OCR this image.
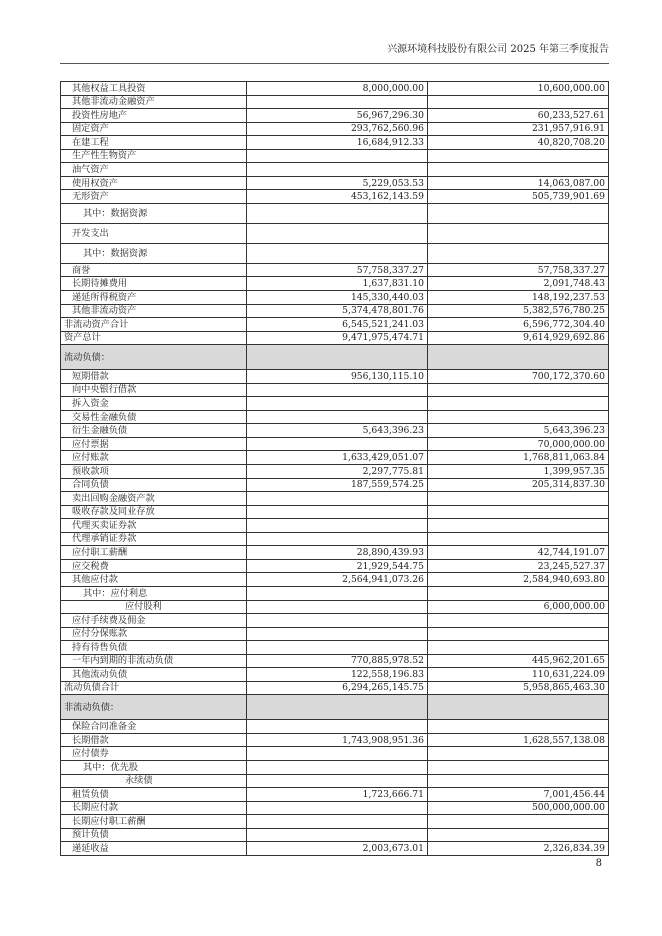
兴源环境科技股份有限公司 2025 年第三季度报告
其他权益工具投资	8,000,000.00	10,600,000.00
其他非流动金融资产		
投资性房地产	56,967,296.30	60,233,527.61
固定资产	293,762,560.96	231,957,916.91
在建工程	16,684,912.33	40,820,708.20
生产性生物资产		
油气资产		
使用权资产	5,229,053.53	14,063,087.00
无形资产	453,162,143.59	505,739,901.69
其中：数据资源		
开发支出		
其中：数据资源		
商誉	57,758,337.27	57,758,337.27
长期待摊费用	1,637,831.10	2,091,748.43
递延所得税资产	145,330,440.03	148,192,237.53
其他非流动资产	5,374,478,801.76	5,382,576,780.25
非流动资产合计	6,545,521,241.03	6,596,772,304.40
资产总计	9,471,975,474.71	9,614,929,692.86
流动负债：		
短期借款	956,130,115.10	700,172,370.60
向中央银行借款		
拆入资金		
交易性金融负债		
衍生金融负债	5,643,396.23	5,643,396.23
应付票据		70,000,000.00
应付账款	1,633,429,051.07	1,768,811,063.84
预收款项	2,297,775.81	1,399,957.35
合同负债	187,559,574.25	205,314,837.30
卖出回购金融资产款		
吸收存款及同业存放		
代理买卖证券款		
代理承销证券款		
应付职工薪酬	28,890,439.93	42,744,191.07
应交税费	21,929,544.75	23,245,527.37
其他应付款	2,564,941,073.26	2,584,940,693.80
其中：应付利息		
应付股利		6,000,000.00
应付手续费及佣金		
应付分保账款		
持有待售负债		
一年内到期的非流动负债	770,885,978.52	445,962,201.65
其他流动负债	122,558,196.83	110,631,224.09
流动负债合计	6,294,265,145.75	5,958,865,463.30
非流动负债：		
保险合同准备金		
长期借款	1,743,908,951.36	1,628,557,138.08
应付债券		
其中：优先股		
永续债		
租赁负债	1,723,666.71	7,001,456.44
长期应付款		500,000,000.00
长期应付职工薪酬		
预计负债		
递延收益	2,003,673.01	2,326,834.39
8
